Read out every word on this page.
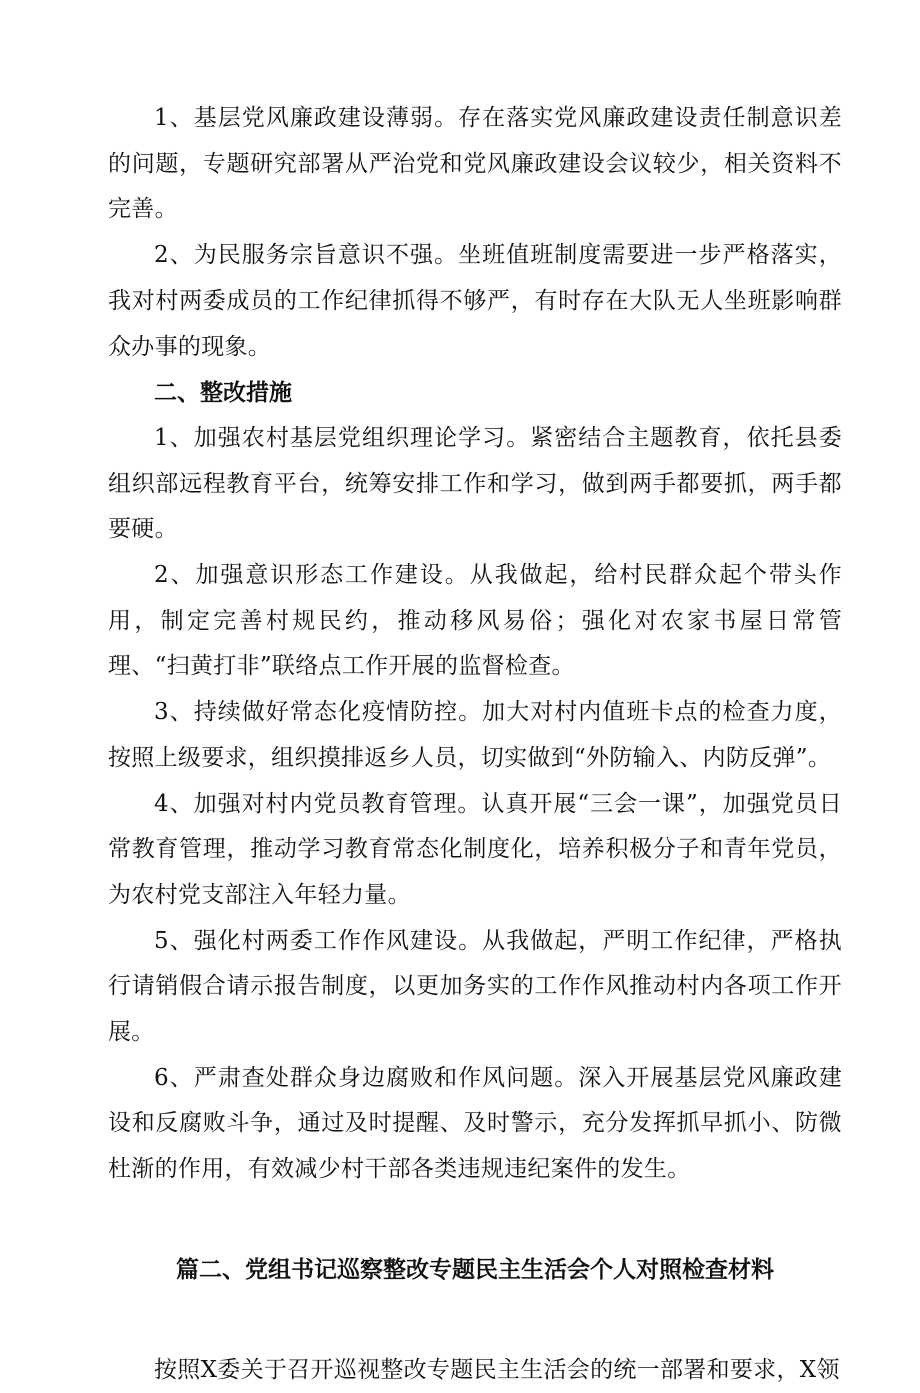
1、基层党风廉政建设薄弱。存在落实党风廉政建设责任制意识差的问题，专题研究部署从严治党和党风廉政建设会议较少，相关资料不完善。

2、为民服务宗旨意识不强。坐班值班制度需要进一步严格落实，我对村两委成员的工作纪律抓得不够严，有时存在大队无人坐班影响群众办事的现象。

二、整改措施

1、加强农村基层党组织理论学习。紧密结合主题教育，依托县委组织部远程教育平台，统筹安排工作和学习，做到两手都要抓，两手都要硬。

2、加强意识形态工作建设。从我做起，给村民群众起个带头作用，制定完善村规民约，推动移风易俗；强化对农家书屋日常管理、“扫黄打非”联络点工作开展的监督检查。

3、持续做好常态化疫情防控。加大对村内值班卡点的检查力度，按照上级要求，组织摸排返乡人员，切实做到“外防输入、内防反弹”。

4、加强对村内党员教育管理。认真开展“三会一课”，加强党员日常教育管理，推动学习教育常态化制度化，培养积极分子和青年党员，为农村党支部注入年轻力量。

5、强化村两委工作作风建设。从我做起，严明工作纪律，严格执行请销假合请示报告制度，以更加务实的工作作风推动村内各项工作开展。

6、严肃查处群众身边腐败和作风问题。深入开展基层党风廉政建设和反腐败斗争，通过及时提醒、及时警示，充分发挥抓早抓小、防微杜渐的作用，有效减少村干部各类违规违纪案件的发生。

篇二、党组书记巡察整改专题民主生活会个人对照检查材料

按照X委关于召开巡视整改专题民主生活会的统一部署和要求，X领
